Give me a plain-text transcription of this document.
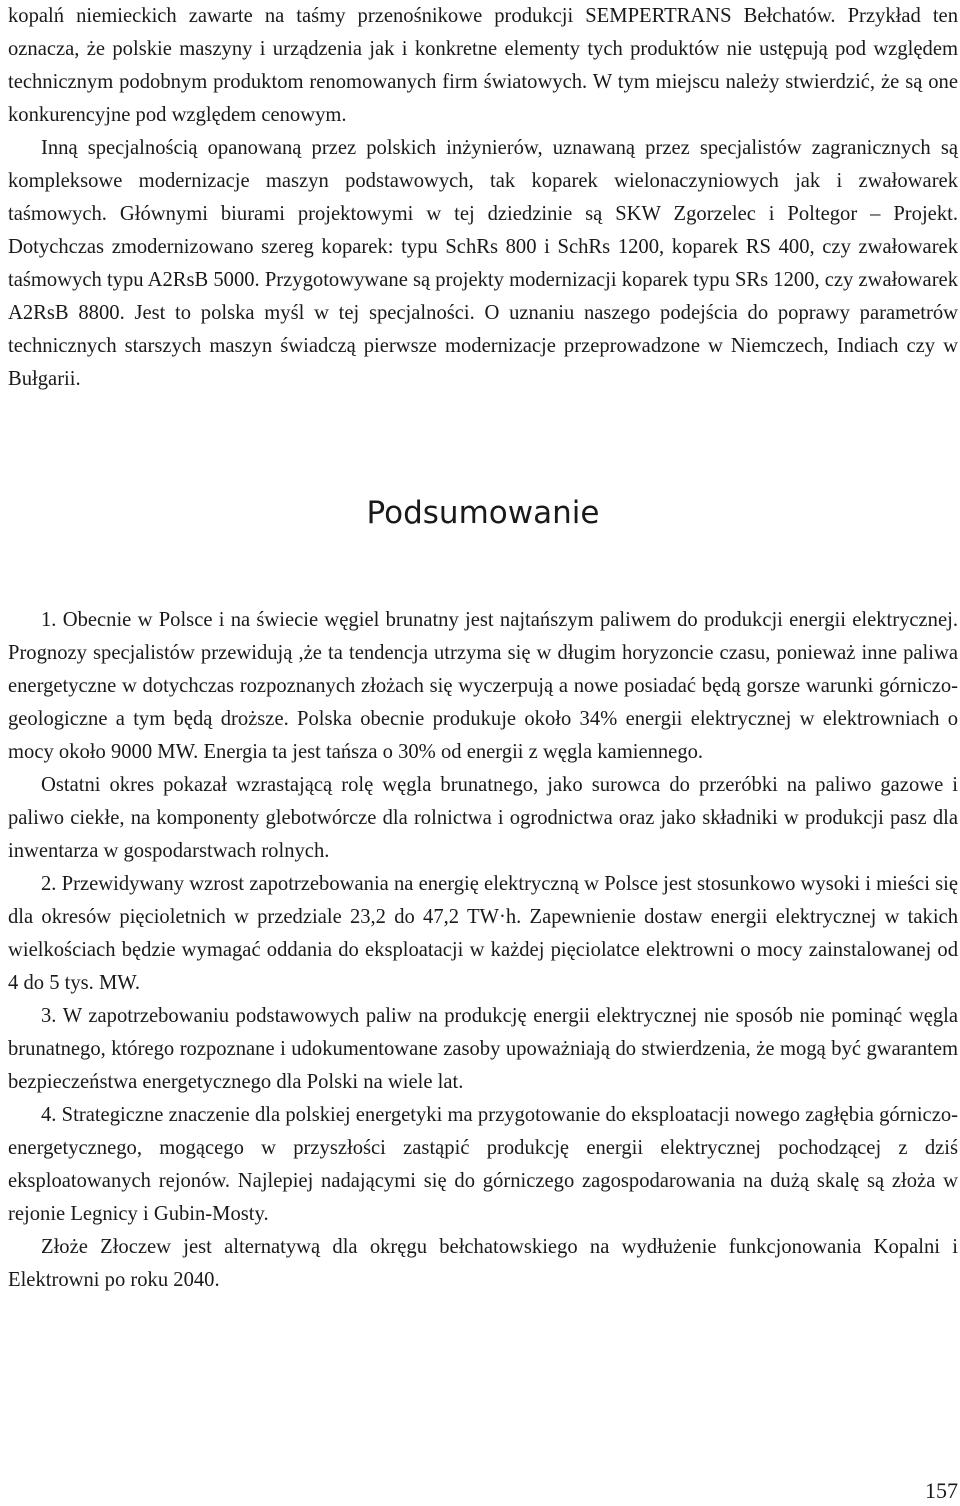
kopalń niemieckich zawarte na taśmy przenośnikowe produkcji SEMPERTRANS Bełchatów. Przykład ten oznacza, że polskie maszyny i urządzenia jak i konkretne elementy tych produktów nie ustępują pod względem technicznym podobnym produktom renomowanych firm światowych. W tym miejscu należy stwierdzić, że są one konkurencyjne pod względem cenowym.

Inną specjalnością opanowaną przez polskich inżynierów, uznawaną przez specjalistów zagranicznych są kompleksowe modernizacje maszyn podstawowych, tak koparek wielonaczyniowych jak i zwałowarek taśmowych. Głównymi biurami projektowymi w tej dziedzinie są SKW Zgorzelec i Poltegor – Projekt. Dotychczas zmodernizowano szereg koparek: typu SchRs 800 i SchRs 1200, koparek RS 400, czy zwałowarek taśmowych typu A2RsB 5000. Przygotowywane są projekty modernizacji koparek typu SRs 1200, czy zwałowarek A2RsB 8800. Jest to polska myśl w tej specjalności. O uznaniu naszego podejścia do poprawy parametrów technicznych starszych maszyn świadczą pierwsze modernizacje przeprowadzone w Niemczech, Indiach czy w Bułgarii.

Podsumowanie

1. Obecnie w Polsce i na świecie węgiel brunatny jest najtańszym paliwem do produkcji energii elektrycznej. Prognozy specjalistów przewidują ,że ta tendencja utrzyma się w długim horyzoncie czasu, ponieważ inne paliwa energetyczne w dotychczas rozpoznanych złożach się wyczerpują a nowe posiadać będą gorsze warunki górniczo-geologiczne a tym będą droższe. Polska obecnie produkuje około 34% energii elektrycznej w elektrowniach o mocy około 9000 MW. Energia ta jest tańsza o 30% od energii z węgla kamiennego.

Ostatni okres pokazał wzrastającą rolę węgla brunatnego, jako surowca do przeróbki na paliwo gazowe i paliwo ciekłe, na komponenty glebotwórcze dla rolnictwa i ogrodnictwa oraz jako składniki w produkcji pasz dla inwentarza w gospodarstwach rolnych.

2. Przewidywany wzrost zapotrzebowania na energię elektryczną w Polsce jest stosunkowo wysoki i mieści się dla okresów pięcioletnich w przedziale 23,2 do 47,2 TW·h. Zapewnienie dostaw energii elektrycznej w takich wielkościach będzie wymagać oddania do eksploatacji w każdej pięciolatce elektrowni o mocy zainstalowanej od 4 do 5 tys. MW.

3. W zapotrzebowaniu podstawowych paliw na produkcję energii elektrycznej nie sposób nie pominąć węgla brunatnego, którego rozpoznane i udokumentowane zasoby upoważniają do stwierdzenia, że mogą być gwarantem bezpieczeństwa energetycznego dla Polski na wiele lat.

4. Strategiczne znaczenie dla polskiej energetyki ma przygotowanie do eksploatacji nowego zagłębia górniczo-energetycznego, mogącego w przyszłości zastąpić produkcję energii elektrycznej pochodzącej z dziś eksploatowanych rejonów. Najlepiej nadającymi się do górniczego zagospodarowania na dużą skalę są złoża w rejonie Legnicy i Gubin-Mosty.

Złoże Złoczew jest alternatywą dla okręgu bełchatowskiego na wydłużenie funkcjonowania Kopalni i Elektrowni po roku 2040.

157
